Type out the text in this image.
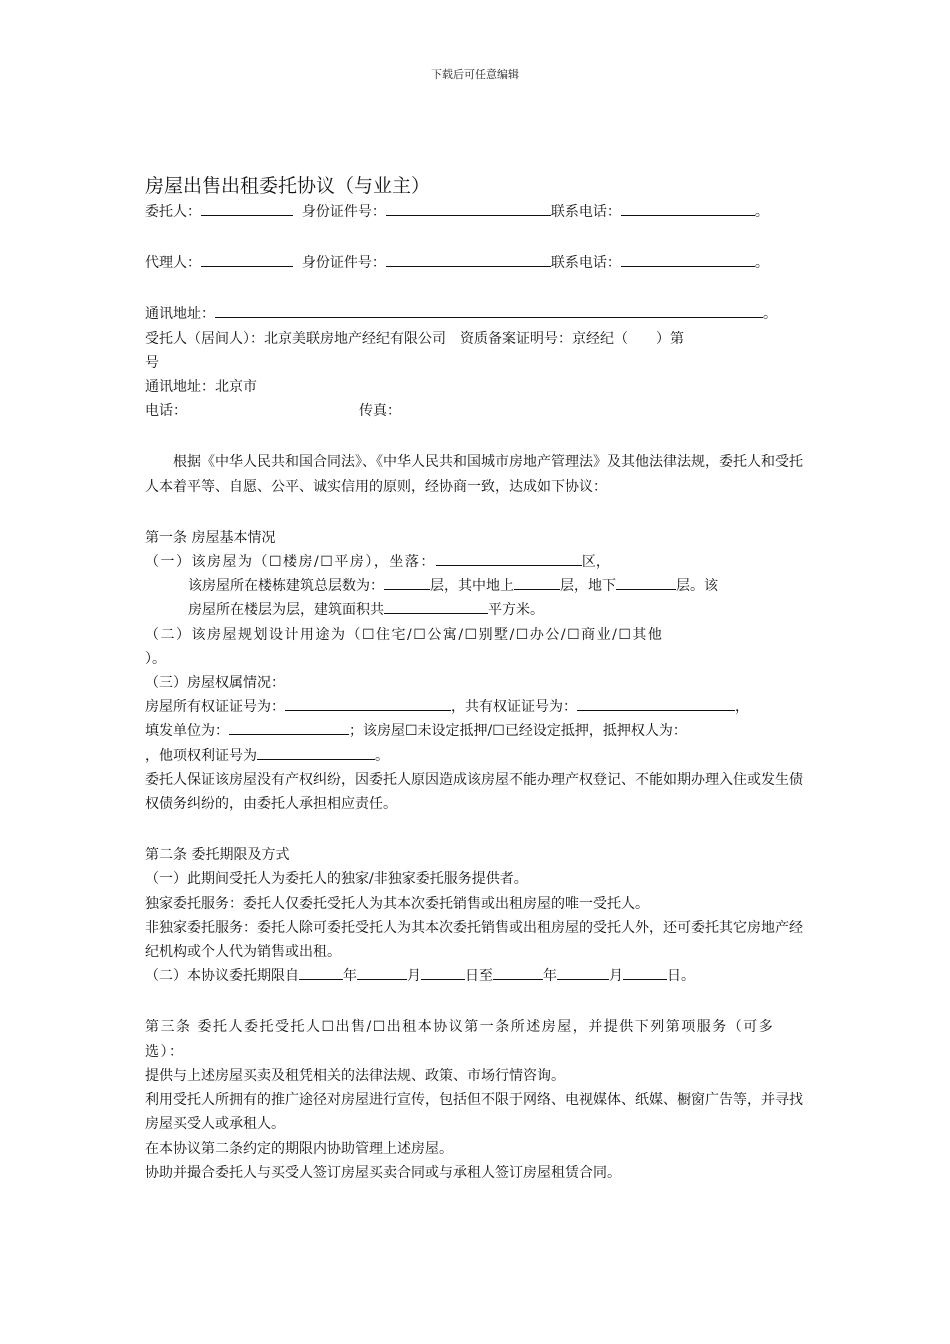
下载后可任意编辑
房屋出售出租委托协议（与业主）
委托人：	身份证件号：	联系电话：	。
代理人：	身份证件号：	联系电话：	。
通讯地址：	。
受托人（居间人）：北京美联房地产经纪有限公司　资质备案证明号：京经纪（　　）第
号
通讯地址：北京市
电话：	传真：
根据《中华人民共和国合同法》、《中华人民共和国城市房地产管理法》及其他法律法规，委托人和受托人本着平等、自愿、公平、诚实信用的原则，经协商一致，达成如下协议：
第一条 房屋基本情况
（一）该房屋为（☐楼房/☐平房），坐落：	区，
该房屋所在楼栋建筑总层数为：	层，其中地上	层，地下	层。该
房屋所在楼层为层，建筑面积共	平方米。
（二）该房屋规划设计用途为（☐住宅/☐公寓/☐别墅/☐办公/☐商业/☐其他
）。
（三）房屋权属情况：
房屋所有权证证号为：	，共有权证证号为：	，
填发单位为：	；该房屋☐未设定抵押/☐已经设定抵押，抵押权人为：
，他项权利证号为	。
委托人保证该房屋没有产权纠纷，因委托人原因造成该房屋不能办理产权登记、不能如期办理入住或发生债权债务纠纷的，由委托人承担相应责任。
第二条 委托期限及方式
（一）此期间受托人为委托人的独家/非独家委托服务提供者。
独家委托服务：委托人仅委托受托人为其本次委托销售或出租房屋的唯一受托人。
非独家委托服务：委托人除可委托受托人为其本次委托销售或出租房屋的受托人外，还可委托其它房地产经纪机构或个人代为销售或出租。
（二）本协议委托期限自	年	月	日至	年	月	日。
第三条 委托人委托受托人☐出售/☐出租本协议第一条所述房屋，并提供下列第项服务（可多选）：
提供与上述房屋买卖及租凭相关的法律法规、政策、市场行情咨询。
利用受托人所拥有的推广途径对房屋进行宣传，包括但不限于网络、电视媒体、纸媒、橱窗广告等，并寻找房屋买受人或承租人。
在本协议第二条约定的期限内协助管理上述房屋。
协助并撮合委托人与买受人签订房屋买卖合同或与承租人签订房屋租赁合同。
